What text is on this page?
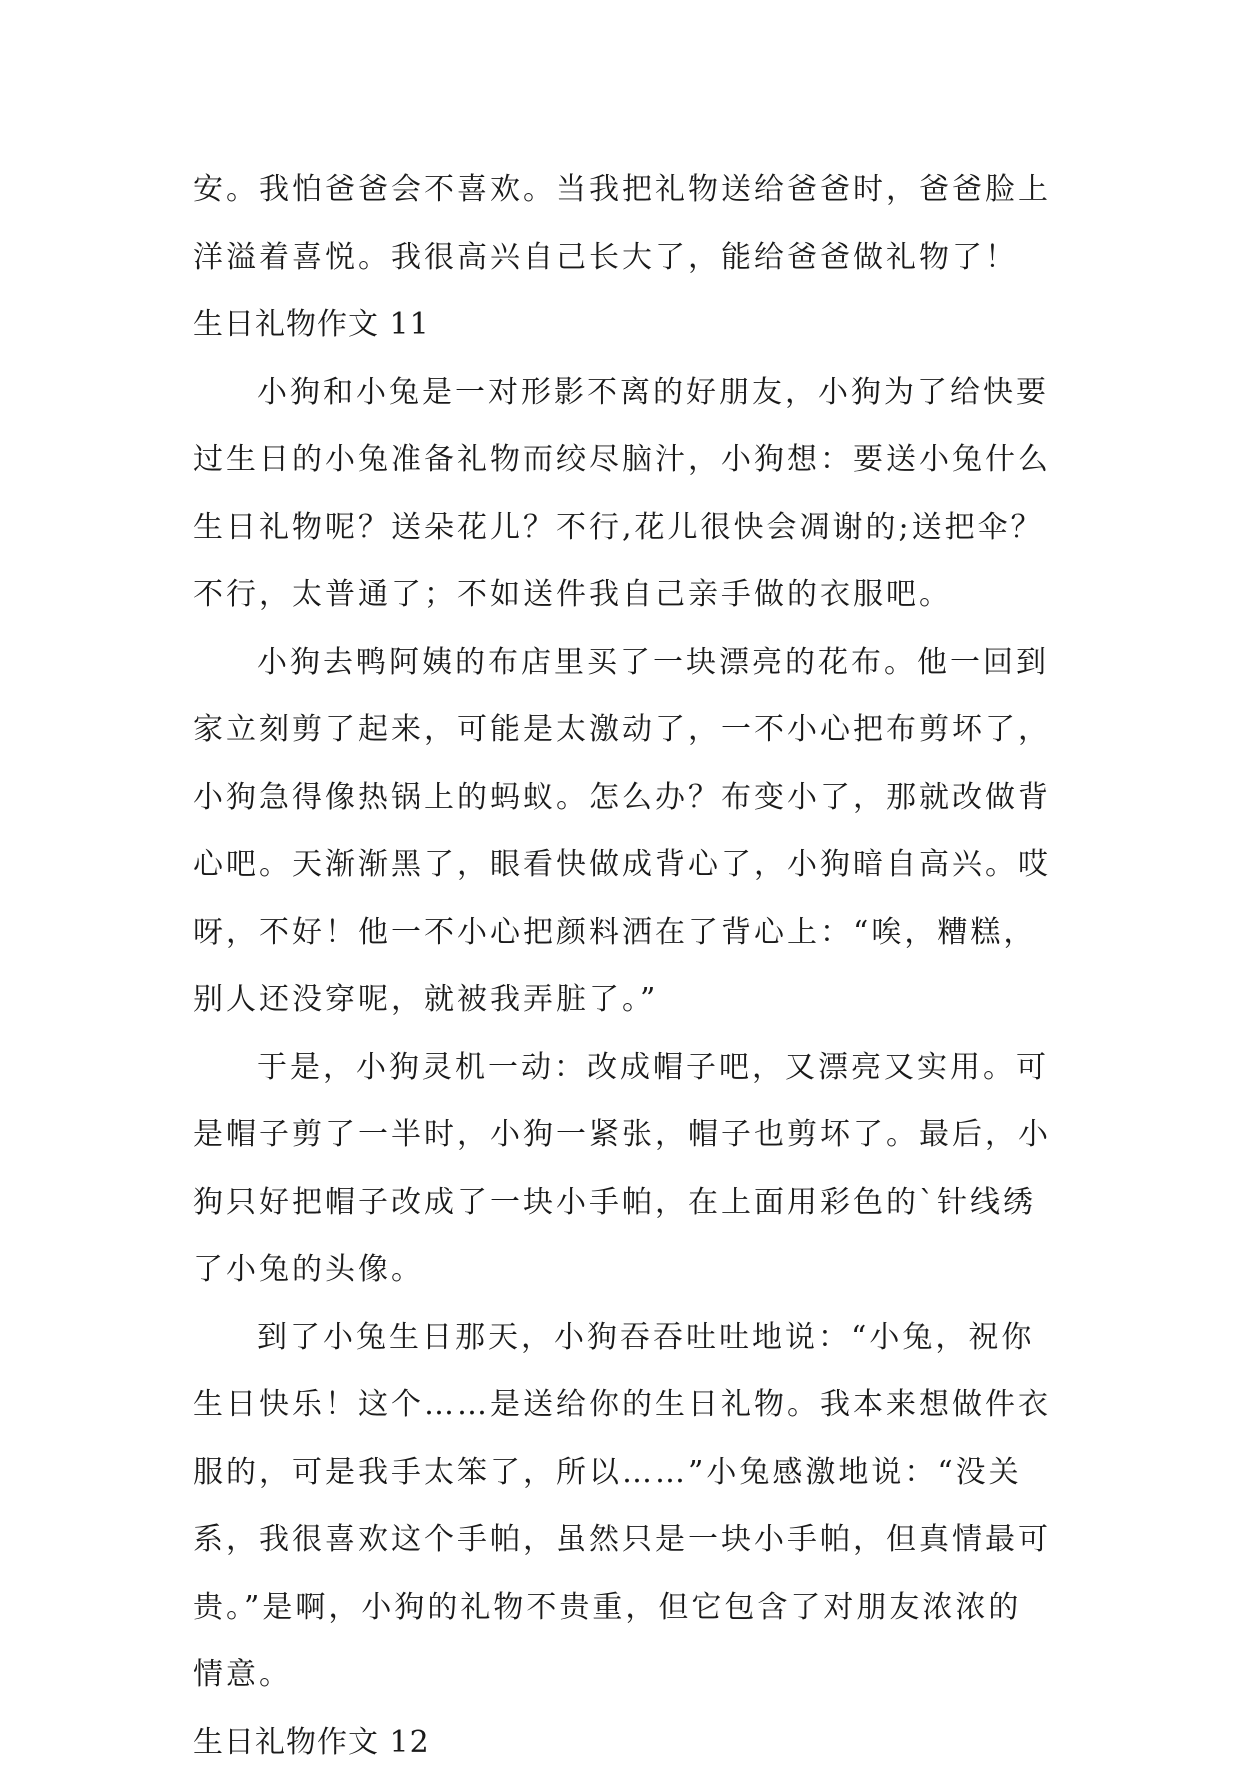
安。我怕爸爸会不喜欢。当我把礼物送给爸爸时，爸爸脸上
洋溢着喜悦。我很高兴自己长大了，能给爸爸做礼物了！
生日礼物作文 11
小狗和小兔是一对形影不离的好朋友，小狗为了给快要
过生日的小兔准备礼物而绞尽脑汁，小狗想：要送小兔什么
生日礼物呢？送朵花儿？不行,花儿很快会凋谢的;送把伞？
不行，太普通了；不如送件我自己亲手做的衣服吧。
小狗去鸭阿姨的布店里买了一块漂亮的花布。他一回到
家立刻剪了起来，可能是太激动了，一不小心把布剪坏了，
小狗急得像热锅上的蚂蚁。怎么办？布变小了，那就改做背
心吧。天渐渐黑了，眼看快做成背心了，小狗暗自高兴。哎
呀，不好！他一不小心把颜料洒在了背心上：“唉，糟糕，
别人还没穿呢，就被我弄脏了。”
于是，小狗灵机一动：改成帽子吧，又漂亮又实用。可
是帽子剪了一半时，小狗一紧张，帽子也剪坏了。最后，小
狗只好把帽子改成了一块小手帕，在上面用彩色的`针线绣
了小兔的头像。
到了小兔生日那天，小狗吞吞吐吐地说：“小兔，祝你
生日快乐！这个……是送给你的生日礼物。我本来想做件衣
服的，可是我手太笨了，所以……”小兔感激地说：“没关
系，我很喜欢这个手帕，虽然只是一块小手帕，但真情最可
贵。”是啊，小狗的礼物不贵重，但它包含了对朋友浓浓的
情意。
生日礼物作文 12
